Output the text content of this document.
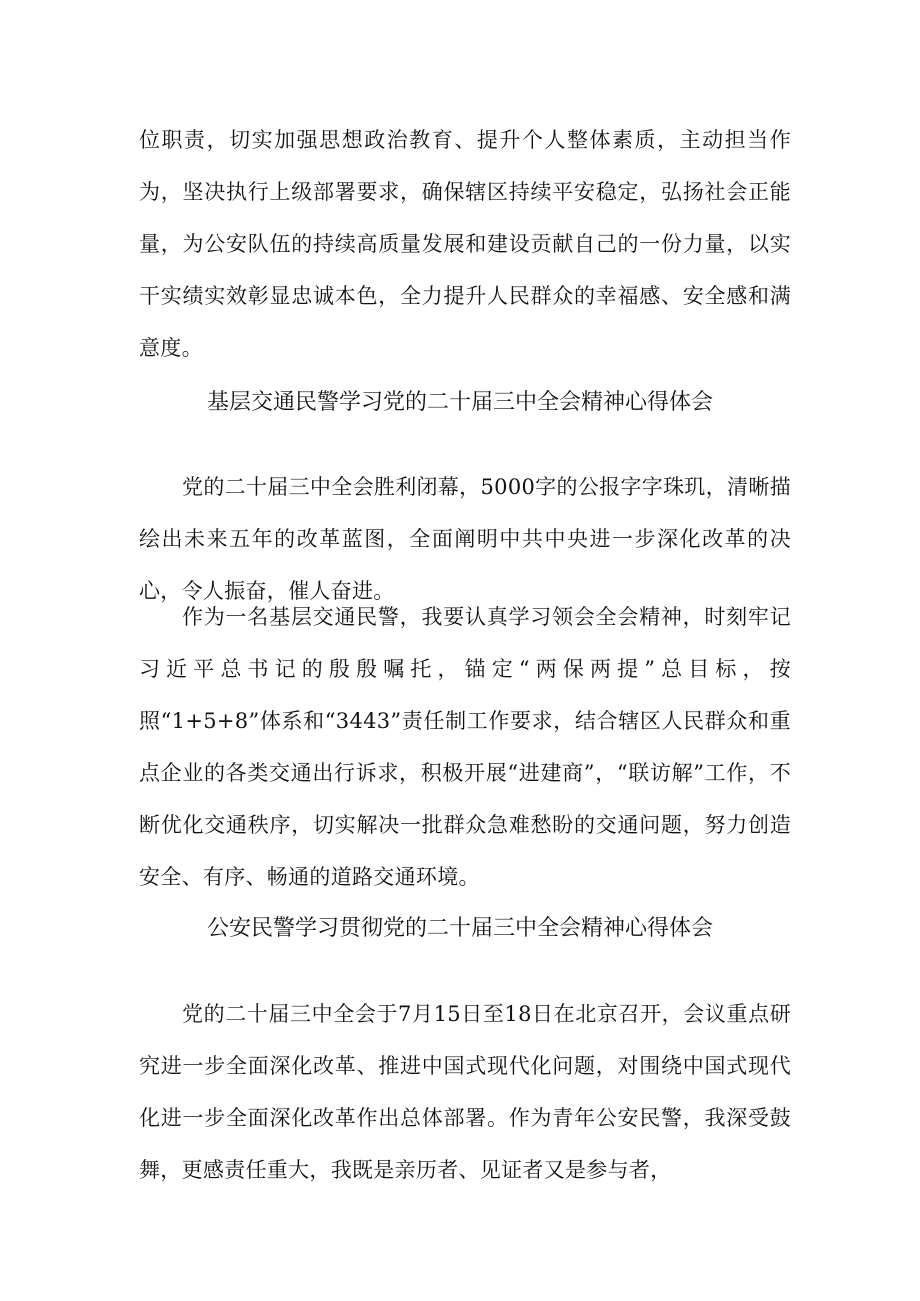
位职责，切实加强思想政治教育、提升个人整体素质，主动担当作为，坚决执行上级部署要求，确保辖区持续平安稳定，弘扬社会正能量，为公安队伍的持续高质量发展和建设贡献自己的一份力量，以实干实绩实效彰显忠诚本色，全力提升人民群众的幸福感、安全感和满意度。

基层交通民警学习党的二十届三中全会精神心得体会

党的二十届三中全会胜利闭幕，5000字的公报字字珠玑，清晰描绘出未来五年的改革蓝图，全面阐明中共中央进一步深化改革的决心，令人振奋，催人奋进。

作为一名基层交通民警，我要认真学习领会全会精神，时刻牢记习近平总书记的殷殷嘱托，锚定“两保两提”总目标，按照“1+5+8”体系和“3443”责任制工作要求，结合辖区人民群众和重点企业的各类交通出行诉求，积极开展“进建商”，“联访解”工作，不断优化交通秩序，切实解决一批群众急难愁盼的交通问题，努力创造安全、有序、畅通的道路交通环境。

公安民警学习贯彻党的二十届三中全会精神心得体会

党的二十届三中全会于7月15日至18日在北京召开，会议重点研究进一步全面深化改革、推进中国式现代化问题，对围绕中国式现代化进一步全面深化改革作出总体部署。作为青年公安民警，我深受鼓舞，更感责任重大，我既是亲历者、见证者又是参与者，
